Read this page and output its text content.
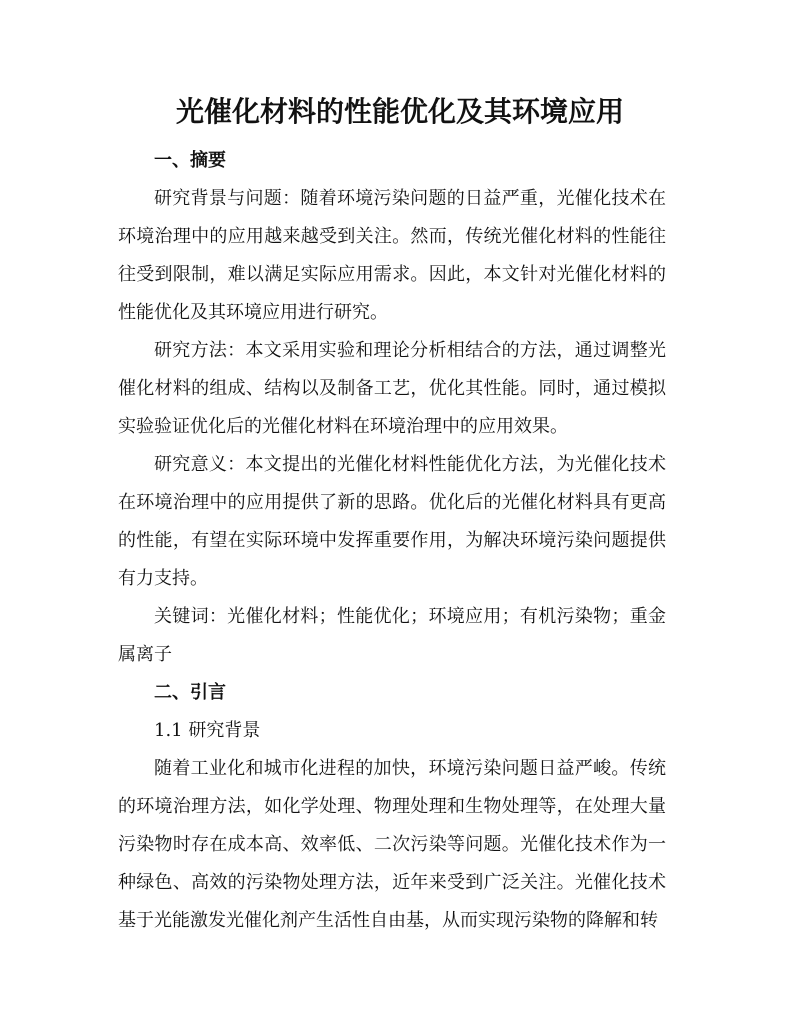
光催化材料的性能优化及其环境应用
一、摘要

研究背景与问题：随着环境污染问题的日益严重，光催化技术在环境治理中的应用越来越受到关注。然而，传统光催化材料的性能往往受到限制，难以满足实际应用需求。因此，本文针对光催化材料的性能优化及其环境应用进行研究。

研究方法：本文采用实验和理论分析相结合的方法，通过调整光催化材料的组成、结构以及制备工艺，优化其性能。同时，通过模拟实验验证优化后的光催化材料在环境治理中的应用效果。

研究意义：本文提出的光催化材料性能优化方法，为光催化技术在环境治理中的应用提供了新的思路。优化后的光催化材料具有更高的性能，有望在实际环境中发挥重要作用，为解决环境污染问题提供有力支持。

关键词：光催化材料；性能优化；环境应用；有机污染物；重金属离子

二、引言
1.1 研究背景

随着工业化和城市化进程的加快，环境污染问题日益严峻。传统的环境治理方法，如化学处理、物理处理和生物处理等，在处理大量污染物时存在成本高、效率低、二次污染等问题。光催化技术作为一种绿色、高效的污染物处理方法，近年来受到广泛关注。光催化技术基于光能激发光催化剂产生活性自由基，从而实现污染物的降解和转
